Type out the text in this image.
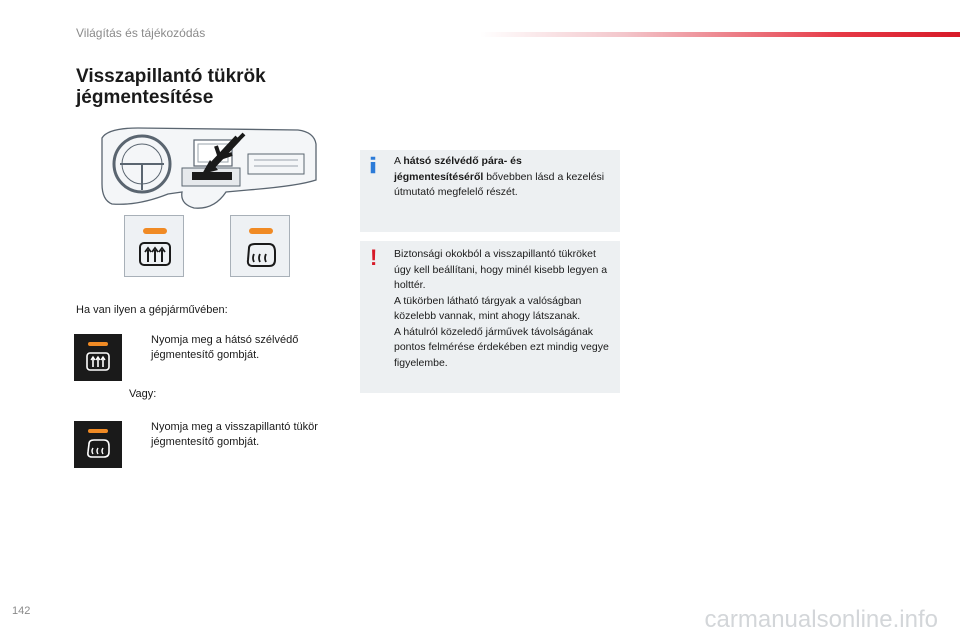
Világítás és tájékozódás
Visszapillantó tükrök
jégmentesítése
Ha van ilyen a gépjárművében:
Nyomja meg a hátsó szélvédő jégmentesítő gombját.
Vagy:
Nyomja meg a visszapillantó tükör jégmentesítő gombját.
A hátsó szélvédő pára- és jégmentesítéséről bővebben lásd a kezelési útmutató megfelelő részét.
! Biztonsági okokból a visszapillantó tükröket úgy kell beállítani, hogy minél kisebb legyen a holttér.
A tükörben látható tárgyak a valóságban közelebb vannak, mint ahogy látszanak.
A hátulról közeledő járművek távolságának pontos felmérése érdekében ezt mindig vegye figyelembe.
142	carmanualsonline.info
